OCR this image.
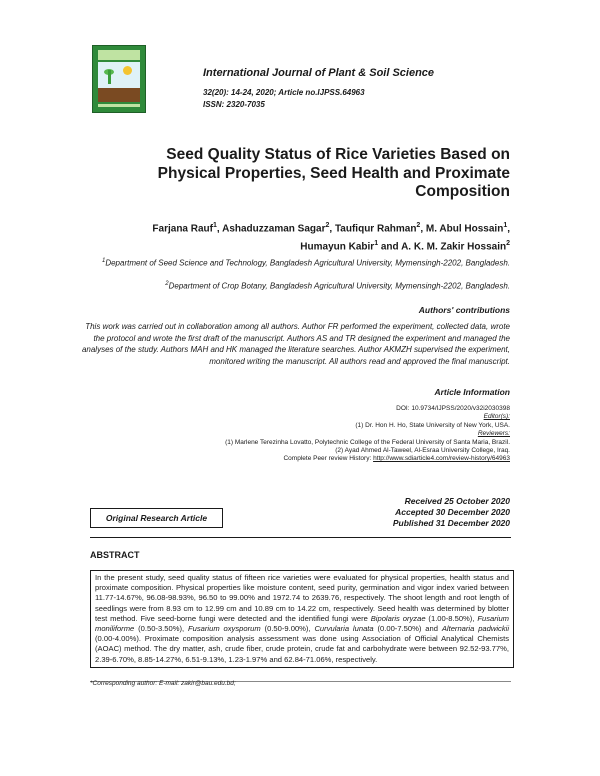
International Journal of Plant & Soil Science
32(20): 14-24, 2020; Article no.IJPSS.64963
ISSN: 2320-7035
Seed Quality Status of Rice Varieties Based on Physical Properties, Seed Health and Proximate Composition
Farjana Rauf$^1$, Ashaduzzaman Sagar$^2$, Taufiqur Rahman$^2$, M. Abul Hossain$^1$,
Humayun Kabir$^1$ and A. K. M. Zakir Hossain$^2$
$^1$Department of Seed Science and Technology, Bangladesh Agricultural University, Mymensingh-2202, Bangladesh.
$^2$Department of Crop Botany, Bangladesh Agricultural University, Mymensingh-2202, Bangladesh.
Authors' contributions
This work was carried out in collaboration among all authors. Author FR performed the experiment, collected data, wrote the protocol and wrote the first draft of the manuscript. Authors AS and TR designed the experiment and managed the analyses of the study. Authors MAH and HK managed the literature searches. Author AKMZH supervised the experiment, monitored writing the manuscript. All authors read and approved the final manuscript.
Article Information
DOI: 10.9734/IJPSS/2020/v32i2030398
Editor(s):
(1) Dr. Hon H. Ho, State University of New York, USA.
Reviewers:
(1) Marlene Terezinha Lovatto, Polytechnic College of the Federal University of Santa Maria, Brazil.
(2) Ayad Ahmed Al-Taweel, Al-Esraa University College, Iraq.
Complete Peer review History: http://www.sdiarticle4.com/review-history/64963
Received 25 October 2020
Accepted 30 December 2020
Published 31 December 2020
Original Research Article
ABSTRACT
In the present study, seed quality status of fifteen rice varieties were evaluated for physical properties, health status and proximate composition. Physical properties like moisture content, seed purity, germination and vigor index varied between 11.77-14.67%, 96.08-98.93%, 96.50 to 99.00% and 1972.74 to 2639.76, respectively. The shoot length and root length of seedlings were from 8.93 cm to 12.99 cm and 10.89 cm to 14.22 cm, respectively. Seed health was determined by blotter test method. Five seed-borne fungi were detected and the identified fungi were Bipolaris oryzae (1.00-8.50%), Fusarium moniliforme (0.50-3.50%), Fusarium oxysporum (0.50-9.00%), Curvularia lunata (0.00-7.50%) and Alternaria padwickii (0.00-4.00%). Proximate composition analysis assessment was done using Association of Official Analytical Chemists (AOAC) method. The dry matter, ash, crude fiber, crude protein, crude fat and carbohydrate were between 92.52-93.77%, 2.39-6.70%, 8.85-14.27%, 6.51-9.13%, 1.23-1.97% and 62.84-71.06%, respectively.
*Corresponding author: E-mail: zakir@bau.edu.bd;
